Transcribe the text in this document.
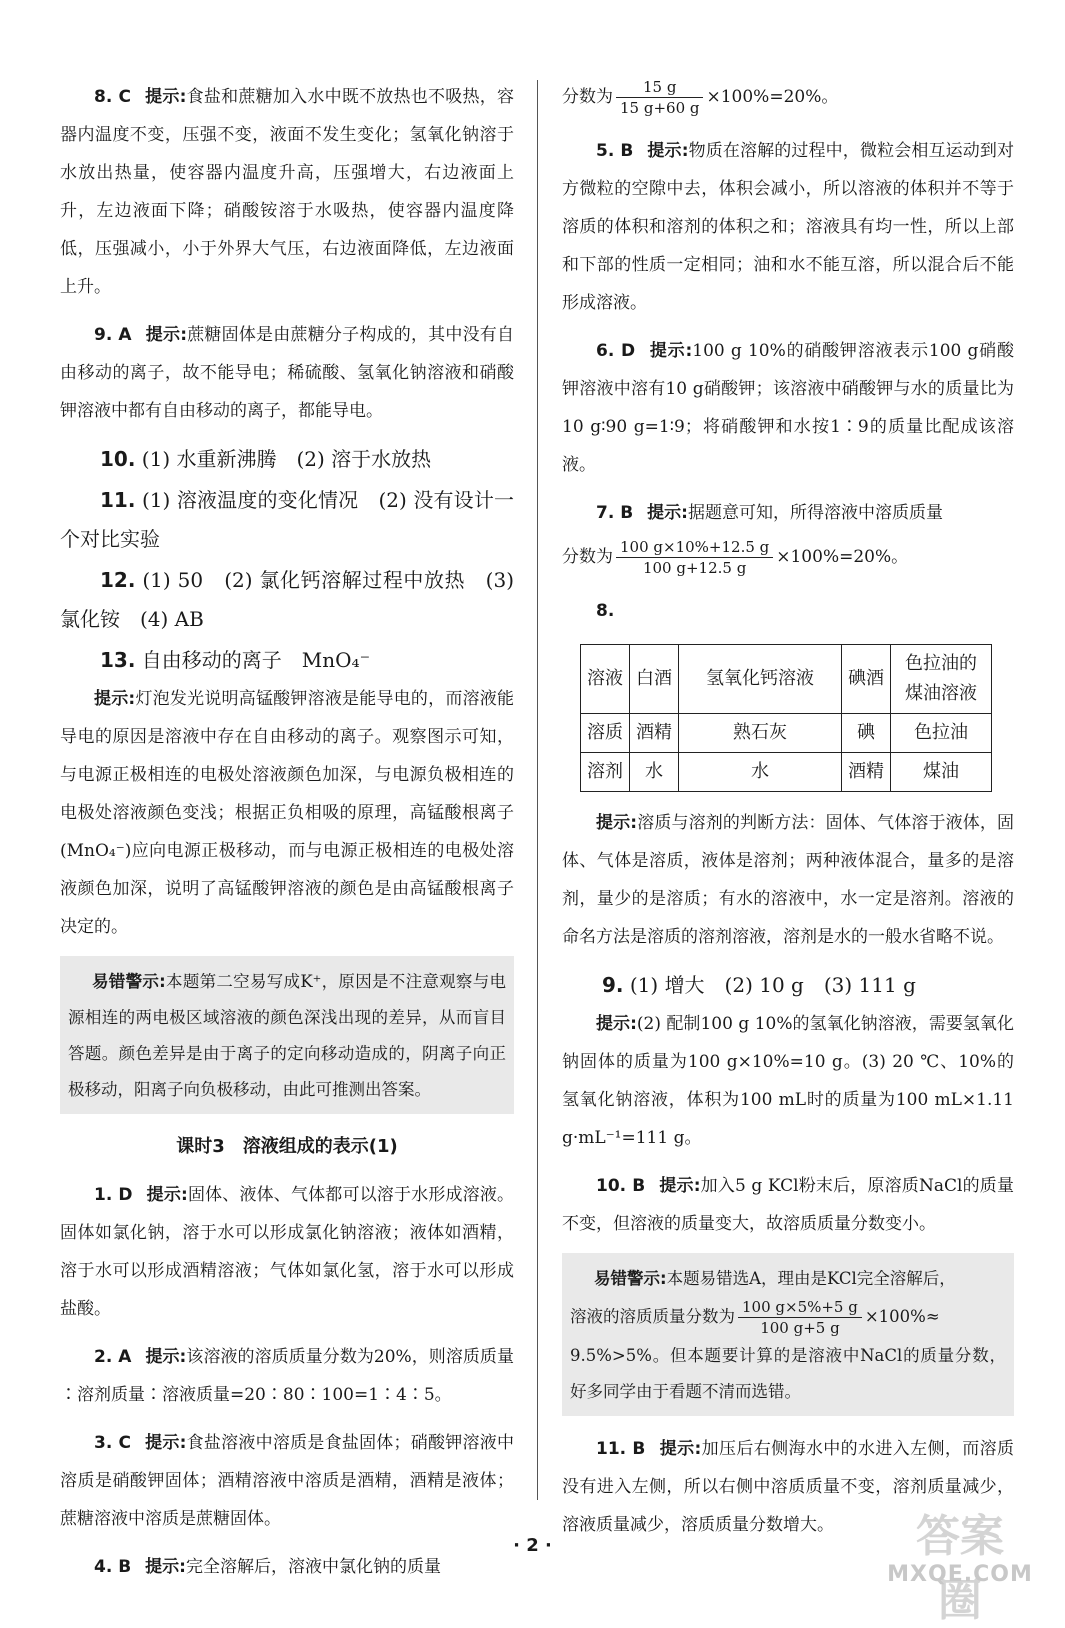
8. C 提示:食盐和蔗糖加入水中既不放热也不吸热，容器内温度不变，压强不变，液面不发生变化；氢氧化钠溶于水放出热量，使容器内温度升高，压强增大，右边液面上升，左边液面下降；硝酸铵溶于水吸热，使容器内温度降低，压强减小，小于外界大气压，右边液面降低，左边液面上升。

9. A 提示:蔗糖固体是由蔗糖分子构成的，其中没有自由移动的离子，故不能导电；稀硫酸、氢氧化钠溶液和硝酸钾溶液中都有自由移动的离子，都能导电。

10. (1) 水重新沸腾　(2) 溶于水放热

11. (1) 溶液温度的变化情况　(2) 没有设计一个对比实验

12. (1) 50　(2) 氯化钙溶解过程中放热　(3) 氯化铵　(4) AB

13. 自由移动的离子　MnO₄⁻

提示:灯泡发光说明高锰酸钾溶液是能导电的，而溶液能导电的原因是溶液中存在自由移动的离子。观察图示可知，与电源正极相连的电极处溶液颜色加深，与电源负极相连的电极处溶液颜色变浅；根据正负相吸的原理，高锰酸根离子(MnO₄⁻)应向电源正极移动，而与电源正极相连的电极处溶液颜色加深，说明了高锰酸钾溶液的颜色是由高锰酸根离子决定的。

易错警示:本题第二空易写成K⁺，原因是不注意观察与电源相连的两电极区域溶液的颜色深浅出现的差异，从而盲目答题。颜色差异是由于离子的定向移动造成的，阴离子向正极移动，阳离子向负极移动，由此可推测出答案。
课时3　溶液组成的表示(1)

1. D 提示:固体、液体、气体都可以溶于水形成溶液。固体如氯化钠，溶于水可以形成氯化钠溶液；液体如酒精，溶于水可以形成酒精溶液；气体如氯化氢，溶于水可以形成盐酸。

2. A 提示:该溶液的溶质质量分数为20%，则溶质质量∶溶剂质量∶溶液质量=20∶80∶100=1∶4∶5。

3. C 提示:食盐溶液中溶质是食盐固体；硝酸钾溶液中溶质是硝酸钾固体；酒精溶液中溶质是酒精，酒精是液体；蔗糖溶液中溶质是蔗糖固体。

4. B 提示:完全溶解后，溶液中氯化钠的质量

分数为 $\frac{15 g}{15 g+60 g} \times 100\%=20\%$。

5. B 提示:物质在溶解的过程中，微粒会相互运动到对方微粒的空隙中去，体积会减小，所以溶液的体积并不等于溶质的体积和溶剂的体积之和；溶液具有均一性，所以上部和下部的性质一定相同；油和水不能互溶，所以混合后不能形成溶液。

6. D 提示:100 g 10%的硝酸钾溶液表示100 g硝酸钾溶液中溶有10 g硝酸钾；该溶液中硝酸钾与水的质量比为10 g∶90 g=1∶9；将硝酸钾和水按1∶9的质量比配成该溶液。

7. B 提示:据题意可知，所得溶液中溶质质量

分数为 $\frac{100 g\times 10\%+12.5 g}{100 g+12.5 g} \times 100\%=20\%$。

8.

溶液	白酒	氢氧化钙溶液	碘酒	色拉油的煤油溶液
溶质	酒精	熟石灰	碘	色拉油
溶剂	水	水	酒精	煤油

提示:溶质与溶剂的判断方法：固体、气体溶于液体，固体、气体是溶质，液体是溶剂；两种液体混合，量多的是溶剂，量少的是溶质；有水的溶液中，水一定是溶剂。溶液的命名方法是溶质的溶剂溶液，溶剂是水的一般水省略不说。

9. (1) 增大　(2) 10 g　(3) 111 g

提示:(2) 配制100 g 10%的氢氧化钠溶液，需要氢氧化钠固体的质量为100 g×10%=10 g。(3) 20 ℃、10%的氢氧化钠溶液，体积为100 mL时的质量为100 mL×1.11 g·mL⁻¹=111 g。

10. B 提示:加入5 g KCl粉末后，原溶质NaCl的质量不变，但溶液的质量变大，故溶质质量分数变小。

易错警示:本题易错选A，理由是KCl完全溶解后，
溶液的溶质质量分数为 $\frac{100 g\times 5\%+5 g}{100 g+5 g} \times 100\%\approx$
9.5%>5%。但本题要计算的是溶液中NaCl的质量分数，好多同学由于看题不清而选错。

11. B 提示:加压后右侧海水中的水进入左侧，而溶质没有进入左侧，所以右侧中溶质质量不变，溶剂质量减少，溶液质量减少，溶质质量分数增大。

· 2 ·	答案圈
MXQE.COM
